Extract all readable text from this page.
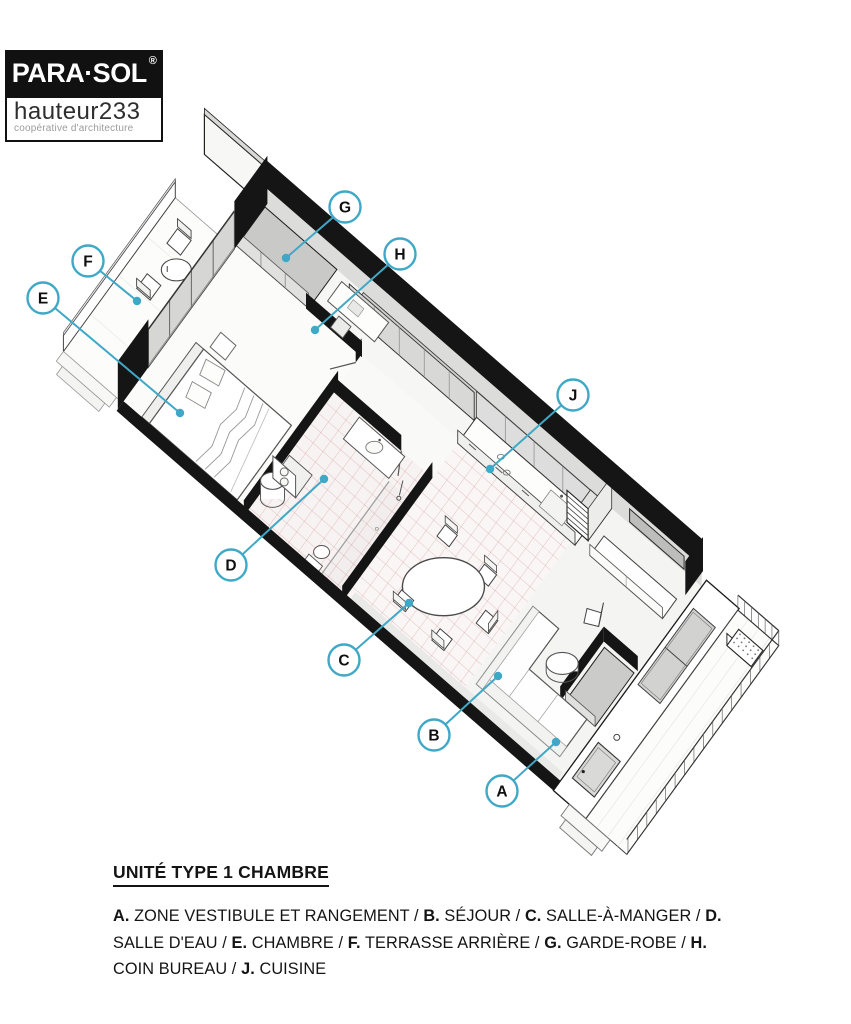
A
B
C
D
E
F
G
H
J
PARA·SOL®
hauteur233
coopérative d'architecture
UNITÉ TYPE 1 CHAMBRE

A. ZONE VESTIBULE ET RANGEMENT / B. SÉJOUR / C. SALLE-À-MANGER / D. SALLE D'EAU / E. CHAMBRE / F. TERRASSE ARRIÈRE / G. GARDE-ROBE / H. COIN BUREAU / J. CUISINE
